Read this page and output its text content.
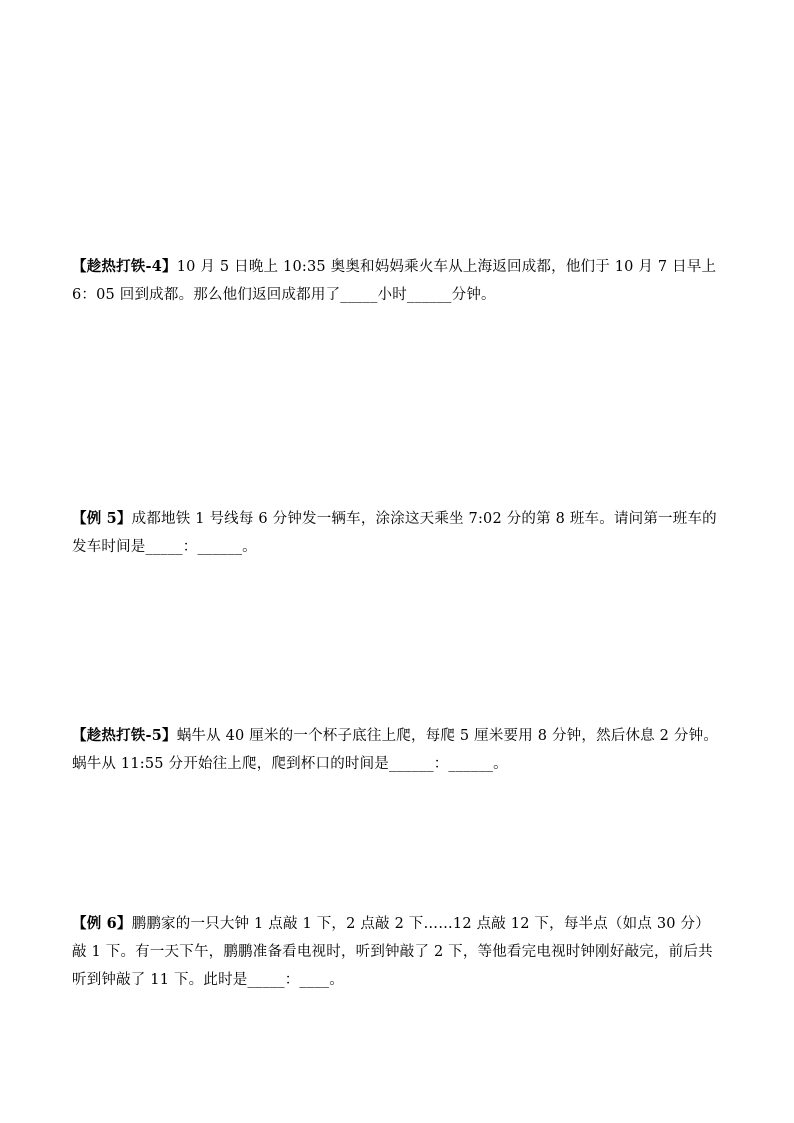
【趁热打铁-4】10 月 5 日晚上 10:35 奥奥和妈妈乘火车从上海返回成都，他们于 10 月 7 日早上 6：05 回到成都。那么他们返回成都用了_____小时______分钟。
【例 5】成都地铁 1 号线每 6 分钟发一辆车，涂涂这天乘坐 7:02 分的第 8 班车。请问第一班车的发车时间是_____：______。
【趁热打铁-5】蜗牛从 40 厘米的一个杯子底往上爬，每爬 5 厘米要用 8 分钟，然后休息 2 分钟。蜗牛从 11:55 分开始往上爬，爬到杯口的时间是______：______。
【例 6】鹏鹏家的一只大钟 1 点敲 1 下，2 点敲 2 下……12 点敲 12 下，每半点（如点 30 分）敲 1 下。有一天下午，鹏鹏准备看电视时，听到钟敲了 2 下，等他看完电视时钟刚好敲完，前后共听到钟敲了 11 下。此时是_____：____。
